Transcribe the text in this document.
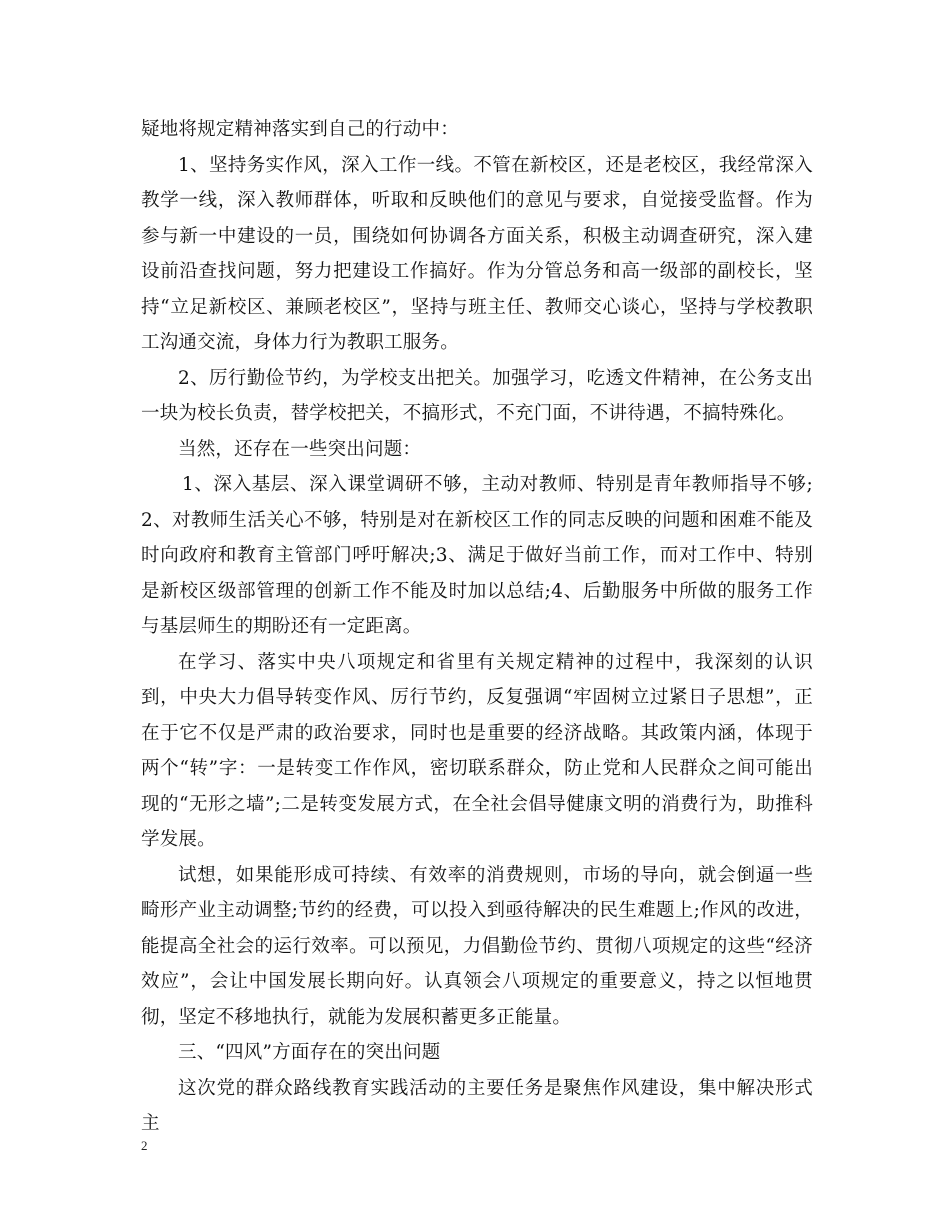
疑地将规定精神落实到自己的行动中：

1、坚持务实作风，深入工作一线。不管在新校区，还是老校区，我经常深入教学一线，深入教师群体，听取和反映他们的意见与要求，自觉接受监督。作为参与新一中建设的一员，围绕如何协调各方面关系，积极主动调查研究，深入建设前沿查找问题，努力把建设工作搞好。作为分管总务和高一级部的副校长，坚持“立足新校区、兼顾老校区”，坚持与班主任、教师交心谈心，坚持与学校教职工沟通交流，身体力行为教职工服务。

2、厉行勤俭节约，为学校支出把关。加强学习，吃透文件精神，在公务支出一块为校长负责，替学校把关，不搞形式，不充门面，不讲待遇，不搞特殊化。

当然，还存在一些突出问题：

1、深入基层、深入课堂调研不够，主动对教师、特别是青年教师指导不够;2、对教师生活关心不够，特别是对在新校区工作的同志反映的问题和困难不能及时向政府和教育主管部门呼吁解决;3、满足于做好当前工作，而对工作中、特别是新校区级部管理的创新工作不能及时加以总结;4、后勤服务中所做的服务工作与基层师生的期盼还有一定距离。

在学习、落实中央八项规定和省里有关规定精神的过程中，我深刻的认识到，中央大力倡导转变作风、厉行节约，反复强调“牢固树立过紧日子思想”，正在于它不仅是严肃的政治要求，同时也是重要的经济战略。其政策内涵，体现于两个“转”字：一是转变工作作风，密切联系群众，防止党和人民群众之间可能出现的“无形之墙”;二是转变发展方式，在全社会倡导健康文明的消费行为，助推科学发展。

试想，如果能形成可持续、有效率的消费规则，市场的导向，就会倒逼一些畸形产业主动调整;节约的经费，可以投入到亟待解决的民生难题上;作风的改进，能提高全社会的运行效率。可以预见，力倡勤俭节约、贯彻八项规定的这些“经济效应”，会让中国发展长期向好。认真领会八项规定的重要意义，持之以恒地贯彻，坚定不移地执行，就能为发展积蓄更多正能量。

三、“四风”方面存在的突出问题

这次党的群众路线教育实践活动的主要任务是聚焦作风建设，集中解决形式主

2
